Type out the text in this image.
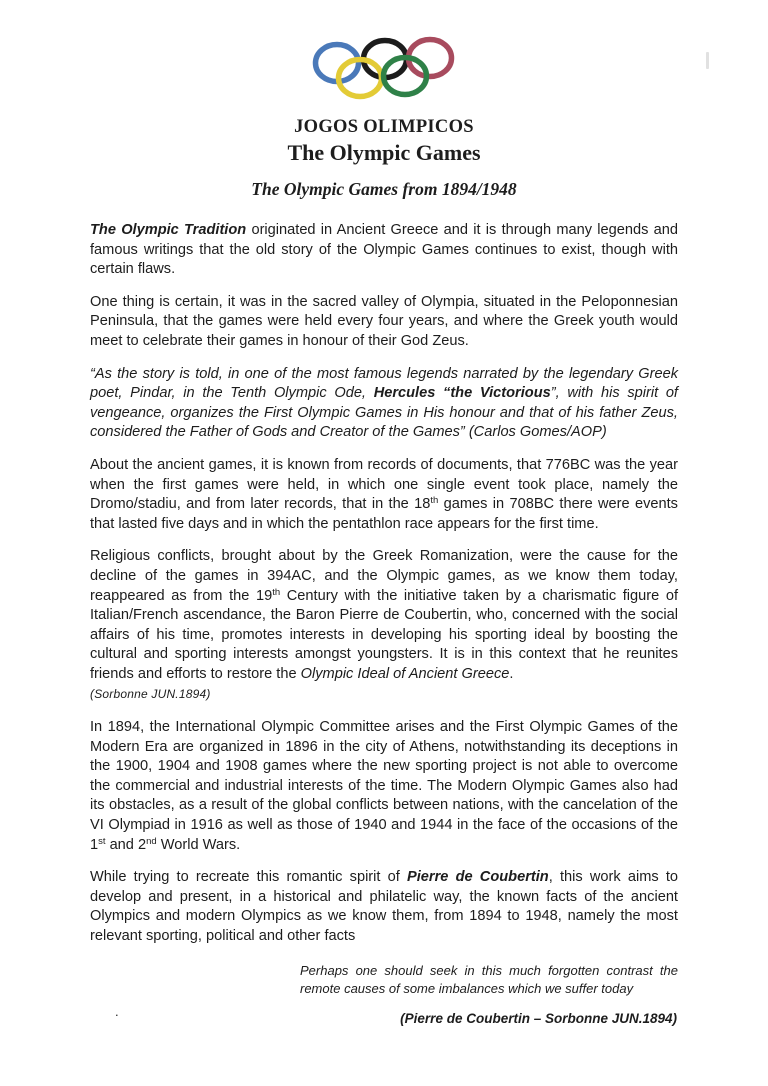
JOGOS OLIMPICOS
The Olympic Games
The Olympic Games from 1894/1948

The Olympic Tradition originated in Ancient Greece and it is through many legends and famous writings that the old story of the Olympic Games continues to exist, though with certain flaws.

One thing is certain, it was in the sacred valley of Olympia, situated in the Peloponnesian Peninsula, that the games were held every four years, and where the Greek youth would meet to celebrate their games in honour of their God Zeus.

“As the story is told, in one of the most famous legends narrated by the legendary Greek poet, Pindar, in the Tenth Olympic Ode, Hercules “the Victorious”, with his spirit of vengeance, organizes the First Olympic Games in His honour and that of his father Zeus, considered the Father of Gods and Creator of the Games” (Carlos Gomes/AOP)

About the ancient games, it is known from records of documents, that 776BC was the year when the first games were held, in which one single event took place, namely the Dromo/stadiu, and from later records, that in the 18th games in 708BC there were events that lasted five days and in which the pentathlon race appears for the first time.

Religious conflicts, brought about by the Greek Romanization, were the cause for the decline of the games in 394AC, and the Olympic games, as we know them today, reappeared as from the 19th Century with the initiative taken by a charismatic figure of Italian/French ascendance, the Baron Pierre de Coubertin, who, concerned with the social affairs of his time, promotes interests in developing his sporting ideal by boosting the cultural and sporting interests amongst youngsters. It is in this context that he reunites friends and efforts to restore the Olympic Ideal of Ancient Greece.
(Sorbonne JUN.1894)

In 1894, the International Olympic Committee arises and the First Olympic Games of the Modern Era are organized in 1896 in the city of Athens, notwithstanding its deceptions in the 1900, 1904 and 1908 games where the new sporting project is not able to overcome the commercial and industrial interests of the time. The Modern Olympic Games also had its obstacles, as a result of the global conflicts between nations, with the cancelation of the VI Olympiad in 1916 as well as those of 1940 and 1944 in the face of the occasions of the 1st and 2nd World Wars.

While trying to recreate this romantic spirit of Pierre de Coubertin, this work aims to develop and present, in a historical and philatelic way, the known facts of the ancient Olympics and modern Olympics as we know them, from 1894 to 1948, namely the most relevant sporting, political and other facts

Perhaps one should seek in this much forgotten contrast the remote causes of some imbalances which we suffer today
.	(Pierre de Coubertin – Sorbonne JUN.1894)
